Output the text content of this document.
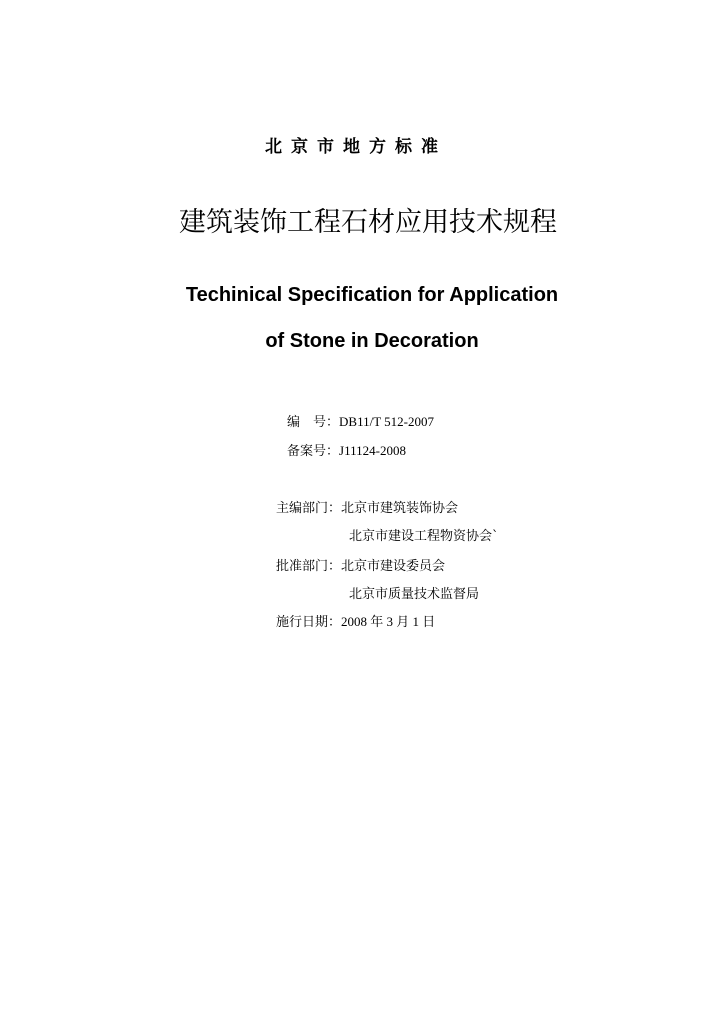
北京市地方标准
建筑装饰工程石材应用技术规程
Techinical Specification for Application
of Stone in Decoration
编　号：DB11/T 512-2007
备案号：J11124-2008
主编部门：北京市建筑装饰协会
北京市建设工程物资协会`
批准部门：北京市建设委员会
北京市质量技术监督局
施行日期：2008 年 3 月 1 日
